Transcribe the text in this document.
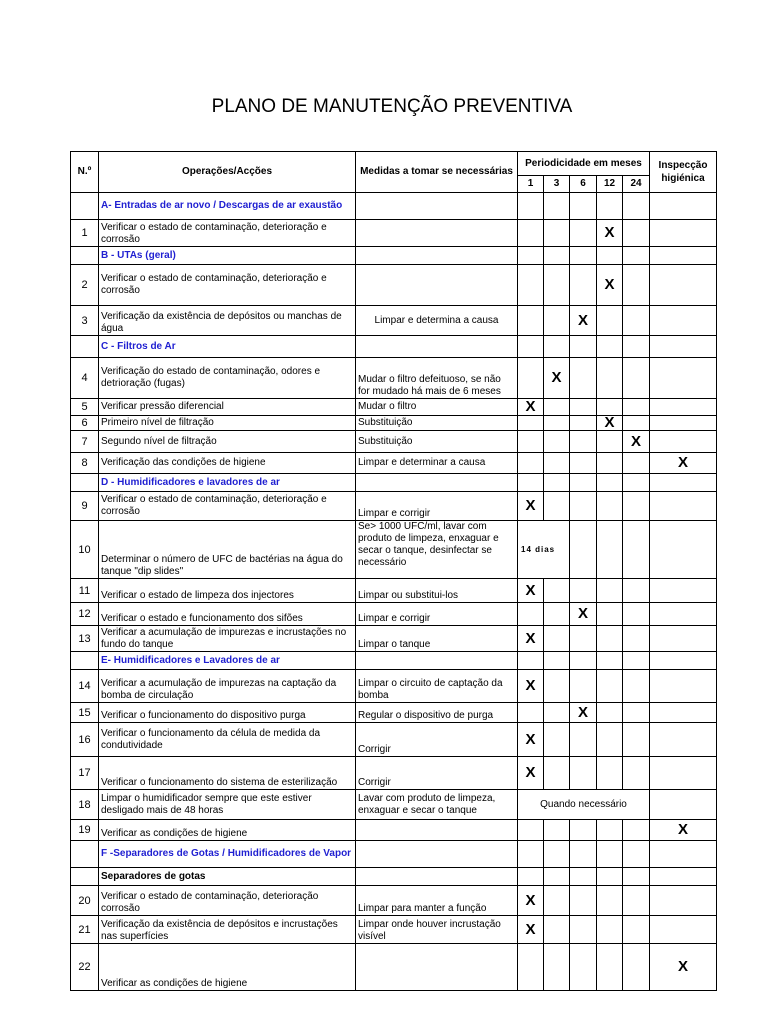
PLANO DE MANUTENÇÃO PREVENTIVA
N.º	Operações/Acções	Medidas a tomar se necessárias	Periodicidade em meses					Inspecção higiénica
			1	3	6	12	24	
	A- Entradas de ar novo / Descargas de ar exaustão							
1	Verificar o estado de contaminação, deterioração e corrosão					X		
	B - UTAs (geral)							
2	Verificar o estado de contaminação, deterioração e corrosão					X		
3	Verificação da existência de depósitos ou manchas de água	Limpar e determina a causa			X			
	C - Filtros de Ar							
4	Verificação do estado de contaminação, odores e detrioração (fugas)	Mudar o filtro defeituoso, se não for mudado há mais de 6 meses		X				
5	Verificar pressão diferencial	Mudar o filtro	X					
6	Primeiro nível de filtração	Substituição				X		
7	Segundo nível de filtração	Substituição					X	
8	Verificação das condições de higiene	Limpar e determinar a causa						X
	D - Humidificadores e lavadores de ar							
9	Verificar o estado de contaminação, deterioração e corrosão	Limpar e corrigir	X					
10	Determinar o número de UFC de bactérias na água do tanque "dip slides"	Se> 1000 UFC/ml, lavar com produto de limpeza, enxaguar e secar o tanque, desinfectar se necessário	14 dias					
11	Verificar o estado de limpeza dos injectores	Limpar ou substitui-los	X					
12	Verificar o estado e funcionamento dos sifões	Limpar e corrigir			X			
13	Verificar a acumulação de impurezas e incrustações no fundo do tanque	Limpar o tanque	X					
	E- Humidificadores e Lavadores de ar							
14	Verificar a acumulação de impurezas na captação da bomba de circulação	Limpar o circuito de captação da bomba	X					
15	Verificar o funcionamento do dispositivo purga	Regular o dispositivo de purga			X			
16	Verificar o funcionamento da célula de medida da condutividade	Corrigir	X					
17	Verificar o funcionamento do sistema de esterilização	Corrigir	X					
18	Limpar o humidificador sempre que este estiver desligado mais de 48 horas	Lavar com produto de limpeza, enxaguar e secar o tanque	Quando necessário					
19	Verificar as condições de higiene							X
	F -Separadores de Gotas / Humidificadores de Vapor							
	Separadores de gotas							
20	Verificar o estado de contaminação, deterioração corrosão	Limpar para manter a função	X					
21	Verificação da existência de depósitos e incrustações nas superfícies	Limpar onde houver incrustação visível	X					
22	Verificar as condições de higiene							X
